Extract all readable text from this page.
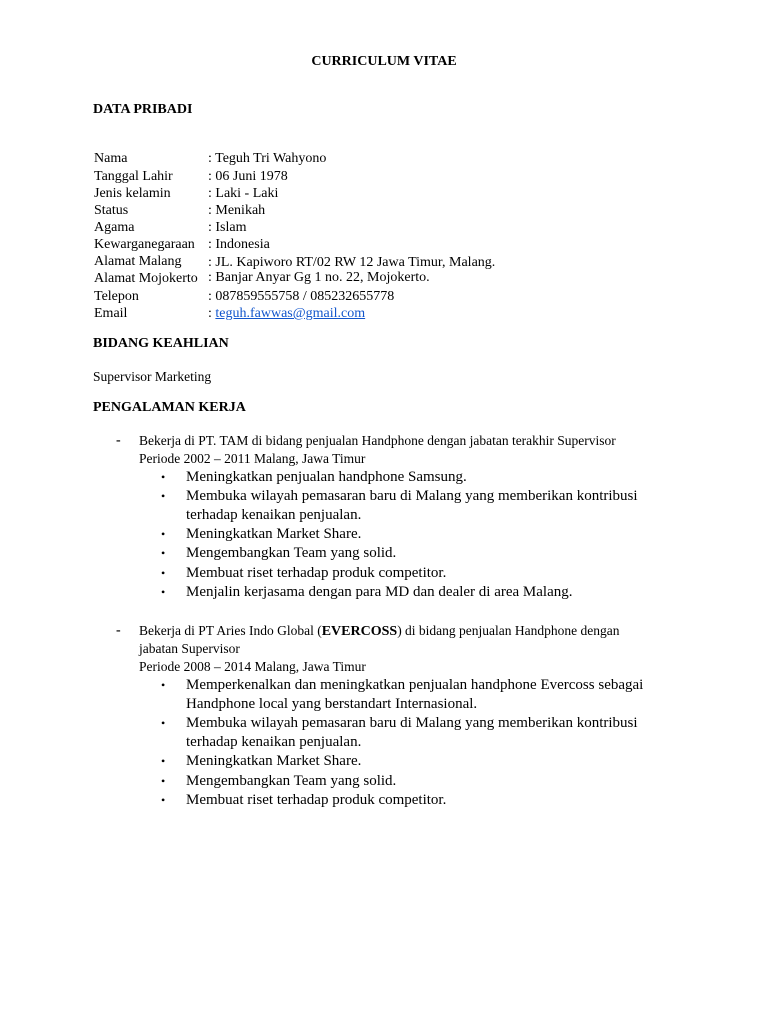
CURRICULUM VITAE
DATA PRIBADI
Nama	: Teguh Tri Wahyono
Tanggal Lahir	: 06 Juni 1978
Jenis kelamin	: Laki - Laki
Status	: Menikah
Agama	: Islam
Kewarganegaraan : Indonesia
Alamat Malang : JL. Kapiworo RT/02 RW 12 Jawa Timur, Malang.
Alamat Mojokerto : Banjar Anyar Gg 1 no. 22, Mojokerto.
Telepon	: 087859555758 / 085232655778
Email	: teguh.fawwas@gmail.com
BIDANG KEAHLIAN
Supervisor Marketing
PENGALAMAN KERJA
- Bekerja di PT. TAM di bidang penjualan Handphone dengan jabatan terakhir Supervisor
Periode 2002 – 2011 Malang, Jawa Timur
• Meningkatkan penjualan handphone Samsung.
• Membuka wilayah pemasaran baru di Malang yang memberikan kontribusi
terhadap kenaikan penjualan.
• Meningkatkan Market Share.
• Mengembangkan Team yang solid.
• Membuat riset terhadap produk competitor.
• Menjalin kerjasama dengan para MD dan dealer di area Malang.
- Bekerja di PT Aries Indo Global (EVERCOSS) di bidang penjualan Handphone dengan
jabatan Supervisor
Periode 2008 – 2014 Malang, Jawa Timur
• Memperkenalkan dan meningkatkan penjualan handphone Evercoss sebagai
Handphone local yang berstandart Internasional.
• Membuka wilayah pemasaran baru di Malang yang memberikan kontribusi
terhadap kenaikan penjualan.
• Meningkatkan Market Share.
• Mengembangkan Team yang solid.
• Membuat riset terhadap produk competitor.
